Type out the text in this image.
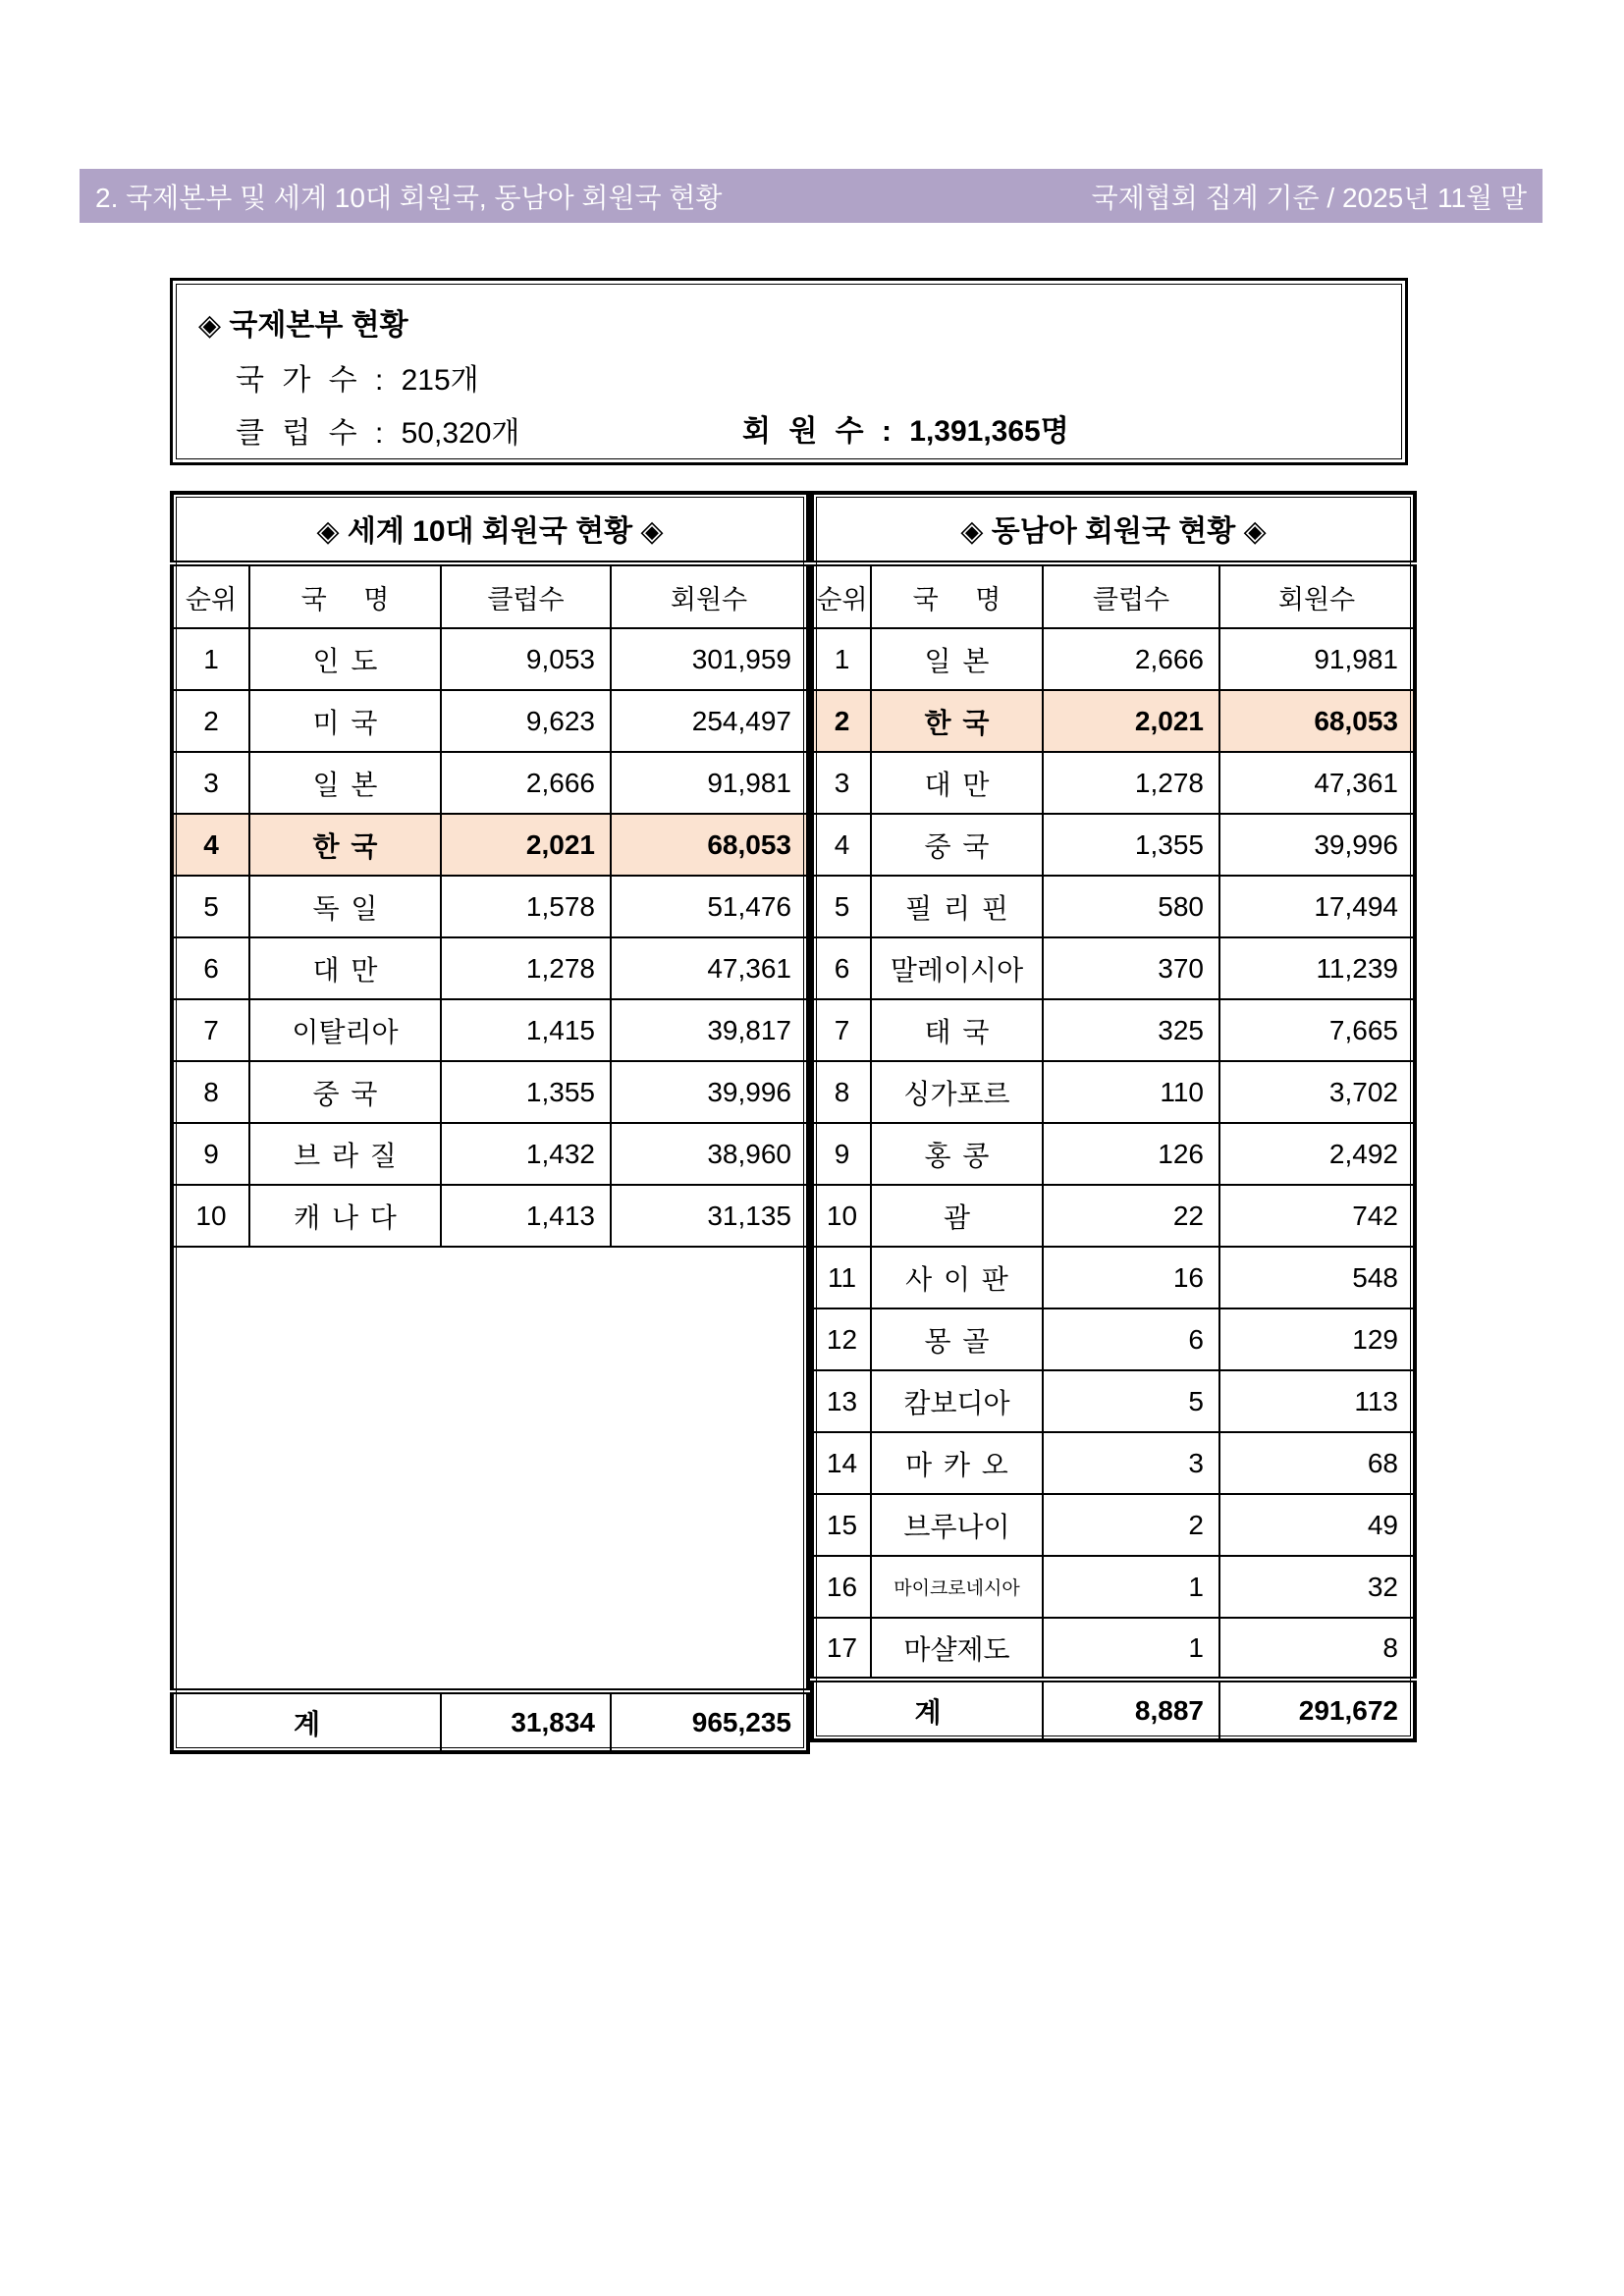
2. 국제본부 및 세계 10대 회원국, 동남아 회원국 현황	국제협회 집계 기준 / 2025년 11월 말
◈ 국제본부 현황
국 가 수 : 215개
클 럽 수 : 50,320개	회 원 수 : 1,391,365명
◈ 세계 10대 회원국 현황 ◈			
순위	국 명	클럽수	회원수
1	인 도	9,053	301,959
2	미 국	9,623	254,497
3	일 본	2,666	91,981
4	한 국	2,021	68,053
5	독 일	1,578	51,476
6	대 만	1,278	47,361
7	이탈리아	1,415	39,817
8	중 국	1,355	39,996
9	브 라 질	1,432	38,960
10	캐 나 다	1,413	31,135

계		31,834	965,235
◈ 동남아 회원국 현황 ◈			
순위	국 명	클럽수	회원수
1	일 본	2,666	91,981
2	한 국	2,021	68,053
3	대 만	1,278	47,361
4	중 국	1,355	39,996
5	필 리 핀	580	17,494
6	말레이시아	370	11,239
7	태 국	325	7,665
8	싱가포르	110	3,702
9	홍 콩	126	2,492
10	괌	22	742
11	사 이 판	16	548
12	몽 골	6	129
13	캄보디아	5	113
14	마 카 오	3	68
15	브루나이	2	49
16	마이크로네시아	1	32
17	마샬제도	1	8
계		8,887	291,672
